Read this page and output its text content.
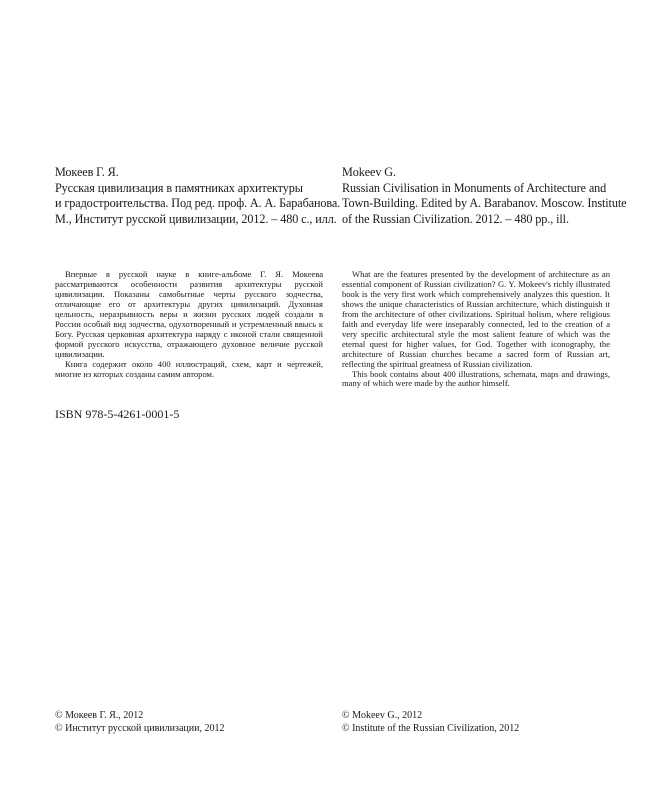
Мокеев Г. Я.
Русская цивилизация в памятниках архитектуры
и градостроительства. Под ред. проф. А. А. Барабанова.
М., Институт русской цивилизации, 2012. – 480 с., илл.
Mokeev G.
Russian Civilisation in Monuments of Architecture and
Town-Building. Edited by A. Barabanov. Moscow. Institute
of the Russian Civilization. 2012. – 480 pp., ill.

Впервые в русской науке в книге-альбоме Г. Я. Мокеева рассматриваются особенности развития архитектуры русской цивилизации. Показаны самобытные черты русского зодчества, отличающие его от архитектуры других цивилизаций. Духовная цельность, неразрывность веры и жизни русских людей создали в России особый вид зодчества, одухотворенный и устремленный ввысь к Богу. Русская церковная архитектура наряду с иконой стали священной формой русского искусства, отражающего духовное величие русской цивилизации.

Книга содержит около 400 иллюстраций, схем, карт и чертежей, многие из которых созданы самим автором.

What are the features presented by the development of architecture as an essential component of Russian civilization? G. Y. Mokeev's richly illustrated book is the very first work which comprehensively analyzes this question. It shows the unique characteristics of Russian architecture, which distinguish it from the architecture of other civilizations. Spiritual holism, where religious faith and everyday life were inseparably connected, led to the creation of a very specific architectural style the most salient feature of which was the eternal quest for higher values, for God. Together with iconography, the architecture of Russian churches became a sacred form of Russian art, reflecting the spiritual greatness of Russian civilization.

This book contains about 400 illustrations, schemata, maps and drawings, many of which were made by the author himself.

ISBN 978-5-4261-0001-5
© Мокеев Г. Я., 2012
© Институт русской цивилизации, 2012
© Mokeev G., 2012
© Institute of the Russian Civilization, 2012
